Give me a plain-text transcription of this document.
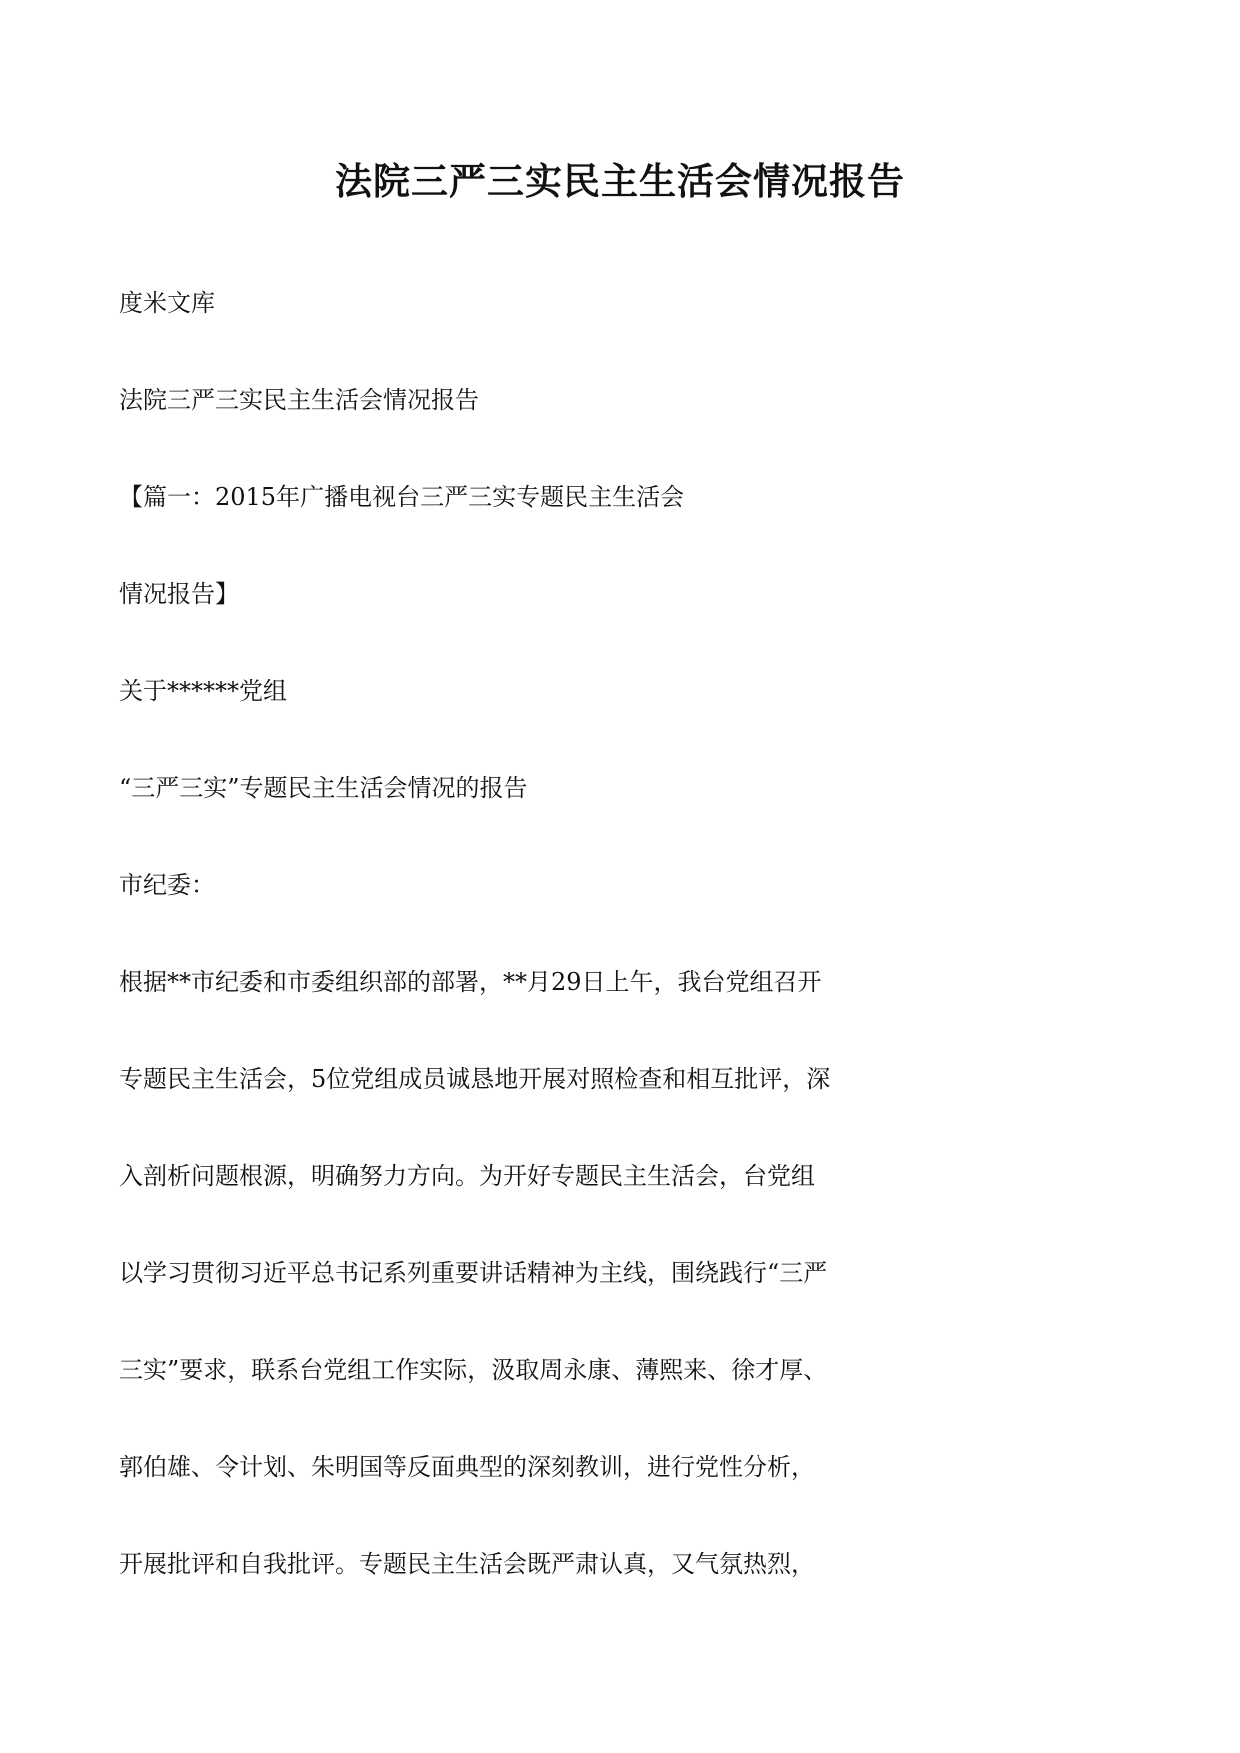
法院三严三实民主生活会情况报告
度米文库
法院三严三实民主生活会情况报告
【篇一：2015年广播电视台三严三实专题民主生活会
情况报告】
关于******党组
“三严三实”专题民主生活会情况的报告
市纪委：
根据**市纪委和市委组织部的部署，**月29日上午，我台党组召开
专题民主生活会，5位党组成员诚恳地开展对照检查和相互批评，深
入剖析问题根源，明确努力方向。为开好专题民主生活会，台党组
以学习贯彻习近平总书记系列重要讲话精神为主线，围绕践行“三严
三实”要求，联系台党组工作实际，汲取周永康、薄熙来、徐才厚、
郭伯雄、令计划、朱明国等反面典型的深刻教训，进行党性分析，
开展批评和自我批评。专题民主生活会既严肃认真，又气氛热烈，
